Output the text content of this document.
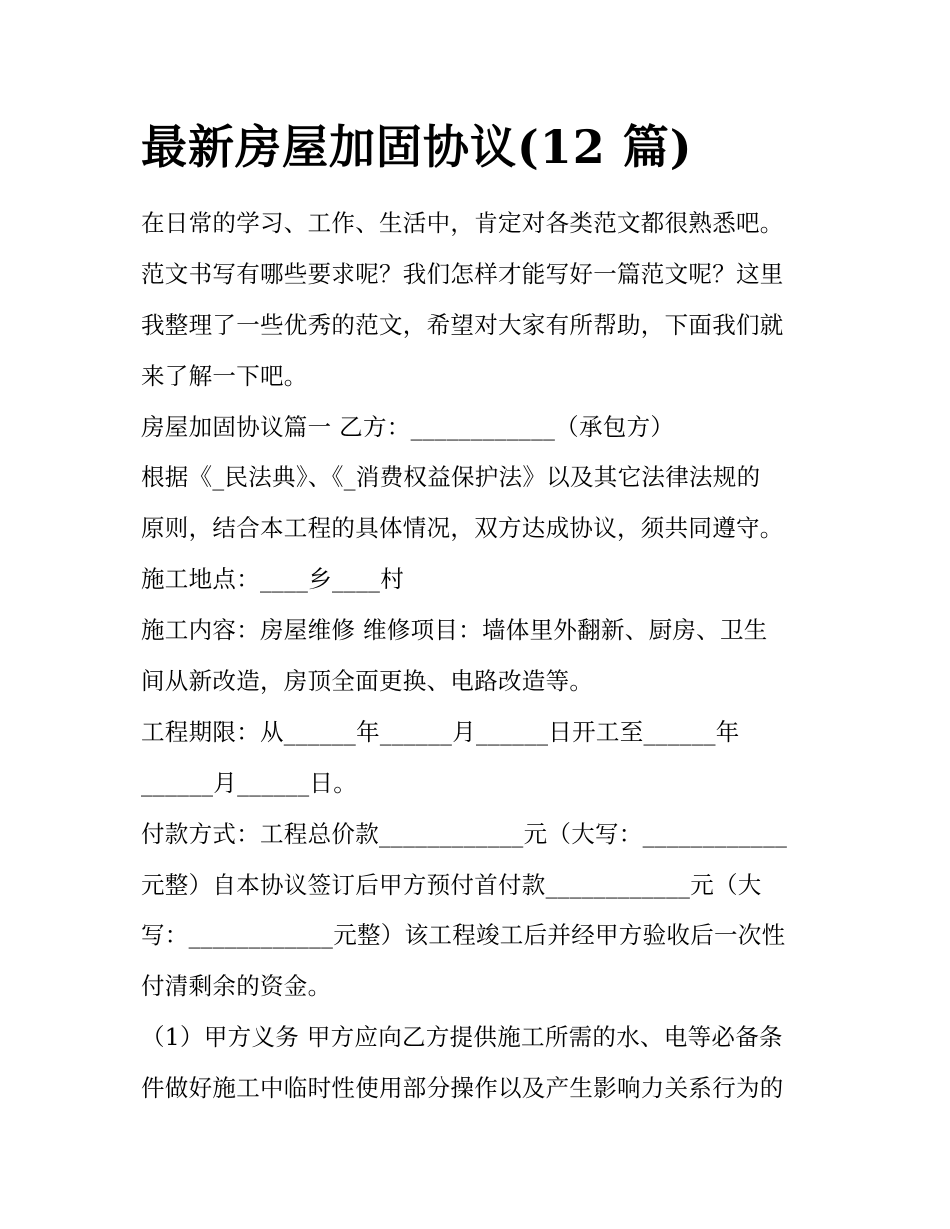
最新房屋加固协议(12 篇)

在日常的学习、工作、生活中，肯定对各类范文都很熟悉吧。

范文书写有哪些要求呢？我们怎样才能写好一篇范文呢？这里

我整理了一些优秀的范文，希望对大家有所帮助，下面我们就

来了解一下吧。

房屋加固协议篇一 乙方：____________（承包方）

根据《_民法典》、《_消费权益保护法》以及其它法律法规的

原则，结合本工程的具体情况，双方达成协议，须共同遵守。

施工地点：____乡____村

施工内容：房屋维修 维修项目：墙体里外翻新、厨房、卫生

间从新改造，房顶全面更换、电路改造等。

工程期限：从______年______月______日开工至______年

______月______日。

付款方式：工程总价款____________元（大写：____________

元整）自本协议签订后甲方预付首付款____________元（大

写：____________元整）该工程竣工后并经甲方验收后一次性

付清剩余的资金。

（1）甲方义务 甲方应向乙方提供施工所需的水、电等必备条

件做好施工中临时性使用部分操作以及产生影响力关系行为的
